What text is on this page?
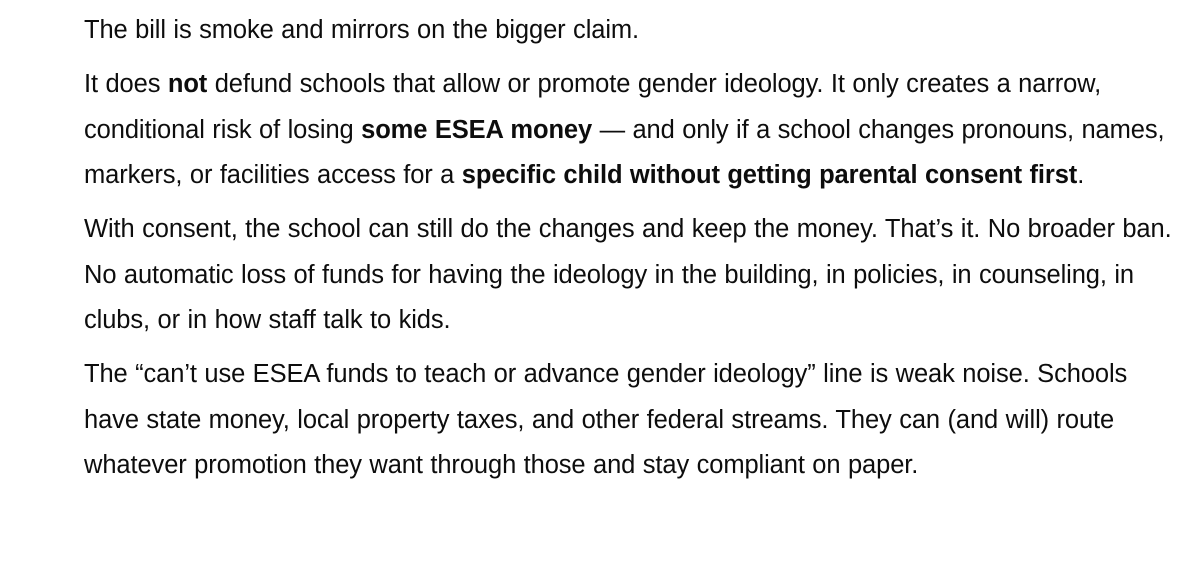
The bill is smoke and mirrors on the bigger claim.

It does not defund schools that allow or promote gender ideology. It only creates a narrow, conditional risk of losing some ESEA money — and only if a school changes pronouns, names, markers, or facilities access for a specific child without getting parental consent first.

With consent, the school can still do the changes and keep the money. That’s it. No broader ban. No automatic loss of funds for having the ideology in the building, in policies, in counseling, in clubs, or in how staff talk to kids.

The “can’t use ESEA funds to teach or advance gender ideology” line is weak noise. Schools have state money, local property taxes, and other federal streams. They can (and will) route whatever promotion they want through those and stay compliant on paper.
